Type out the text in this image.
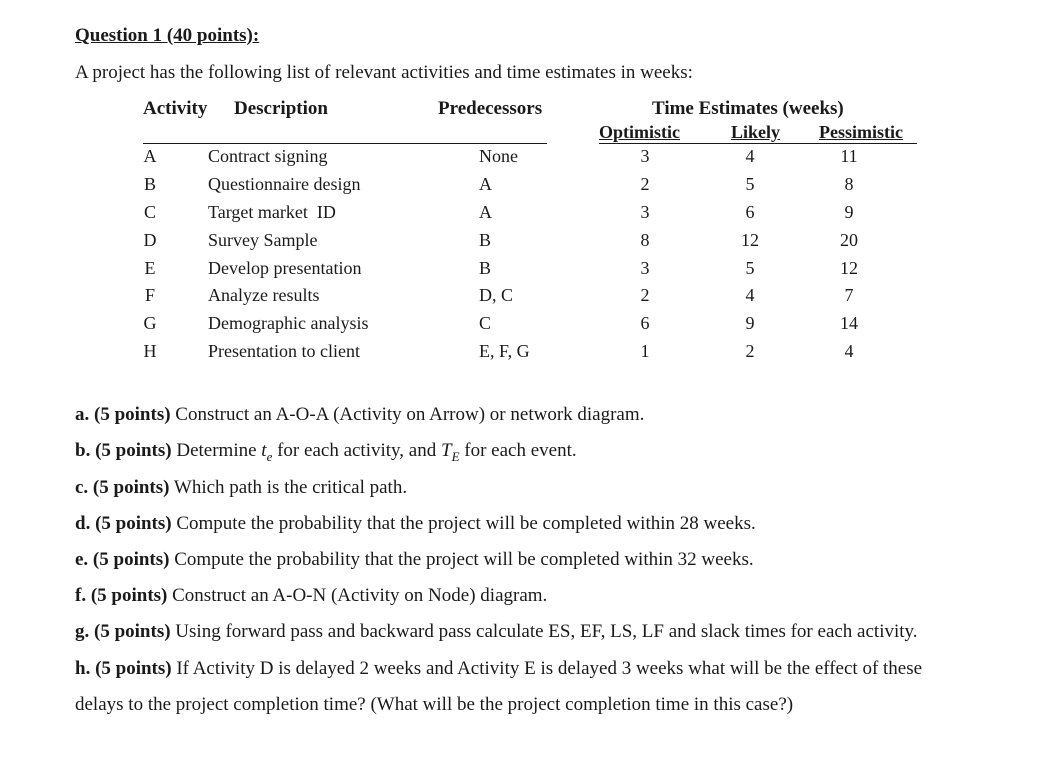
Question 1 (40 points):
A project has the following list of relevant activities and time estimates in weeks:
Activity Description	Predecessors	Time Estimates (weeks)
Optimistic	Likely Pessimistic
A	Contract signing	None	3	4	11
B	Questionnaire design	A	2	5	8
C	Target market  ID	A	3	6	9
D	Survey Sample	B	8	12	20
E	Develop presentation	B	3	5	12
F	Analyze results	D, C	2	4	7
G	Demographic analysis	C	6	9	14
H	Presentation to client	E, F, G	1	2	4
a. (5 points) Construct an A-O-A (Activity on Arrow) or network diagram.
b. (5 points) Determine $t_e$ for each activity, and $T_E$ for each event.
c. (5 points) Which path is the critical path.
d. (5 points) Compute the probability that the project will be completed within 28 weeks.
e. (5 points) Compute the probability that the project will be completed within 32 weeks.
f. (5 points) Construct an A-O-N (Activity on Node) diagram.
g. (5 points) Using forward pass and backward pass calculate ES, EF, LS, LF and slack times for each activity.
h. (5 points) If Activity D is delayed 2 weeks and Activity E is delayed 3 weeks what will be the effect of these
delays to the project completion time? (What will be the project completion time in this case?)
